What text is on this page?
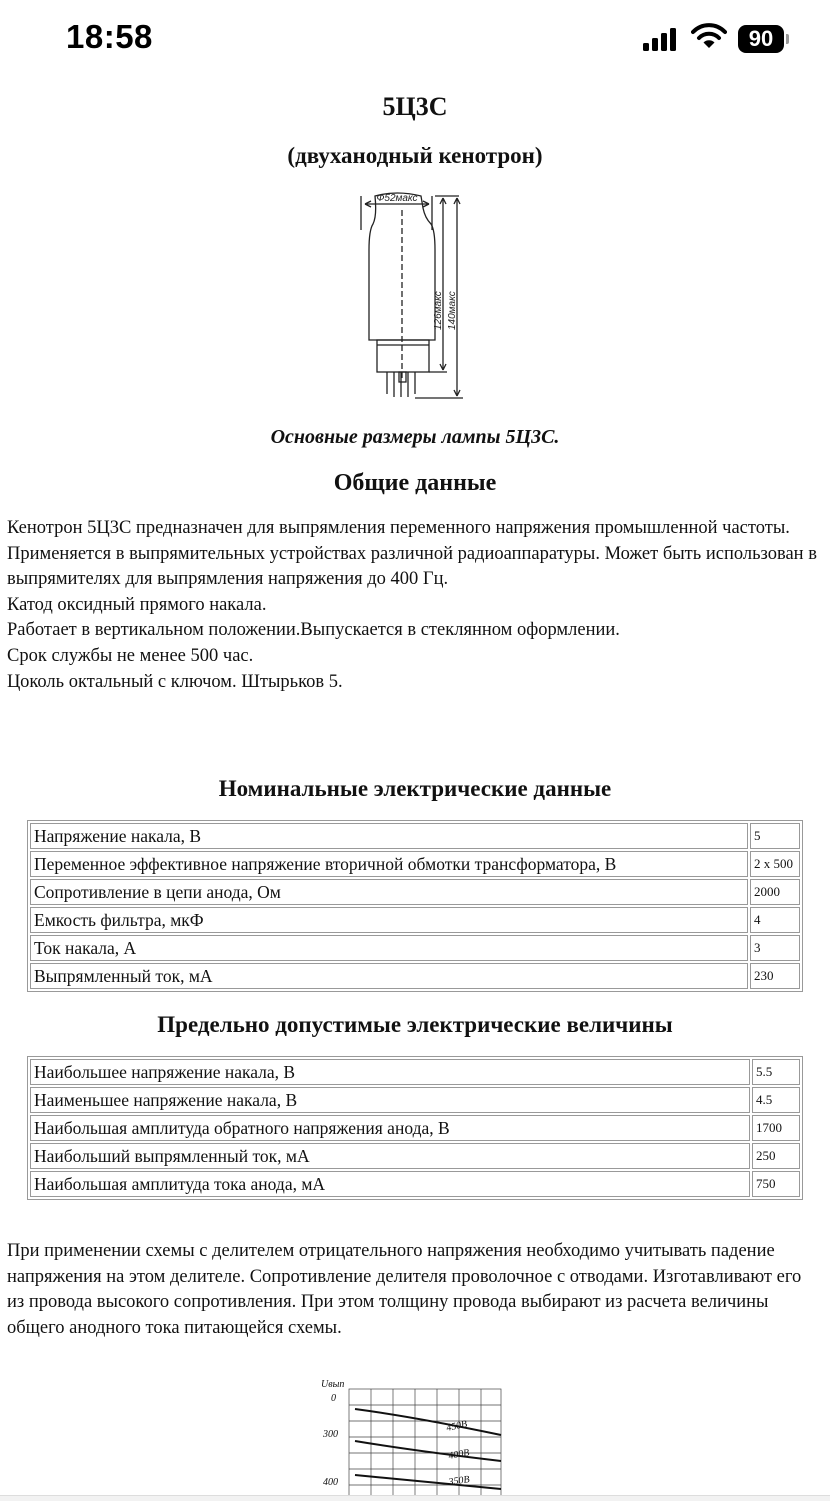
18:58	90
5Ц3С
(двуханодный кенотрон)
Ф52макс
126макс 140макс
Основные размеры лампы 5Ц3С.
Общие данные

Кенотрон 5Ц3С предназначен для выпрямления переменного напряжения промышленной частоты.

Применяется в выпрямительных устройствах различной радиоаппаратуры. Может быть использован в выпрямителях для выпрямления напряжения до 400 Гц.

Катод оксидный прямого накала.

Работает в вертикальном положении.Выпускается в стеклянном оформлении.

Срок службы не менее 500 час.

Цоколь октальный с ключом. Штырьков 5.

Номинальные электрические данные
Напряжение накала, В	5
Переменное эффективное напряжение вторичной обмотки трансформатора, В	2 х 500
Сопротивление в цепи анода, Ом	2000
Емкость фильтра, мкФ	4
Ток накала, А	3
Выпрямленный ток, мА	230
Предельно допустимые электрические величины
Наибольшее напряжение накала, В	5.5
Наименьшее напряжение накала, В	4.5
Наибольшая амплитуда обратного напряжения анода, В	1700
Наибольший выпрямленный ток, мА	250
Наибольшая амплитуда тока анода, мА	750

При применении схемы с делителем отрицательного напряжения необходимо учитывать падение напряжения на этом делителе. Сопротивление делителя проволочное с отводами. Изготавливают его из провода высокого сопротивления. При этом толщину провода выбирают из расчета величины общего анодного тока питающейся схемы.

Uвып
0
300
400
450В
400В
350В
